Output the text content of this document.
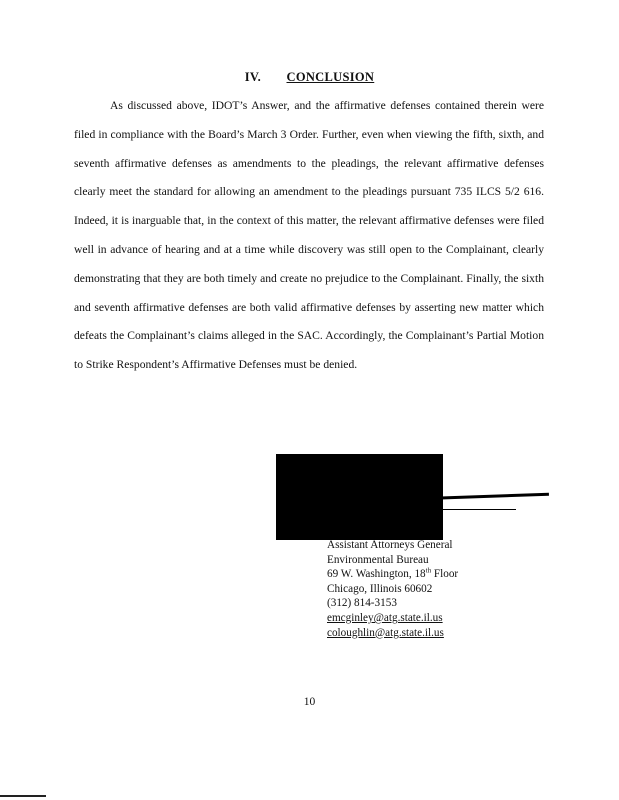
IV. CONCLUSION

As discussed above, IDOT’s Answer, and the affirmative defenses contained therein were filed in compliance with the Board’s March 3 Order. Further, even when viewing the fifth, sixth, and seventh affirmative defenses as amendments to the pleadings, the relevant affirmative defenses clearly meet the standard for allowing an amendment to the pleadings pursuant 735 ILCS 5/2 616. Indeed, it is inarguable that, in the context of this matter, the relevant affirmative defenses were filed well in advance of hearing and at a time while discovery was still open to the Complainant, clearly demonstrating that they are both timely and create no prejudice to the Complainant. Finally, the sixth and seventh affirmative defenses are both valid affirmative defenses by asserting new matter which defeats the Complainant’s claims alleged in the SAC. Accordingly, the Complainant’s Partial Motion to Strike Respondent’s Affirmative Defenses must be denied.

Assistant Attorneys General
Environmental Bureau
69 W. Washington, 18th Floor
Chicago, Illinois 60602
(312) 814-3153
emcginley@atg.state.il.us
coloughlin@atg.state.il.us
10
